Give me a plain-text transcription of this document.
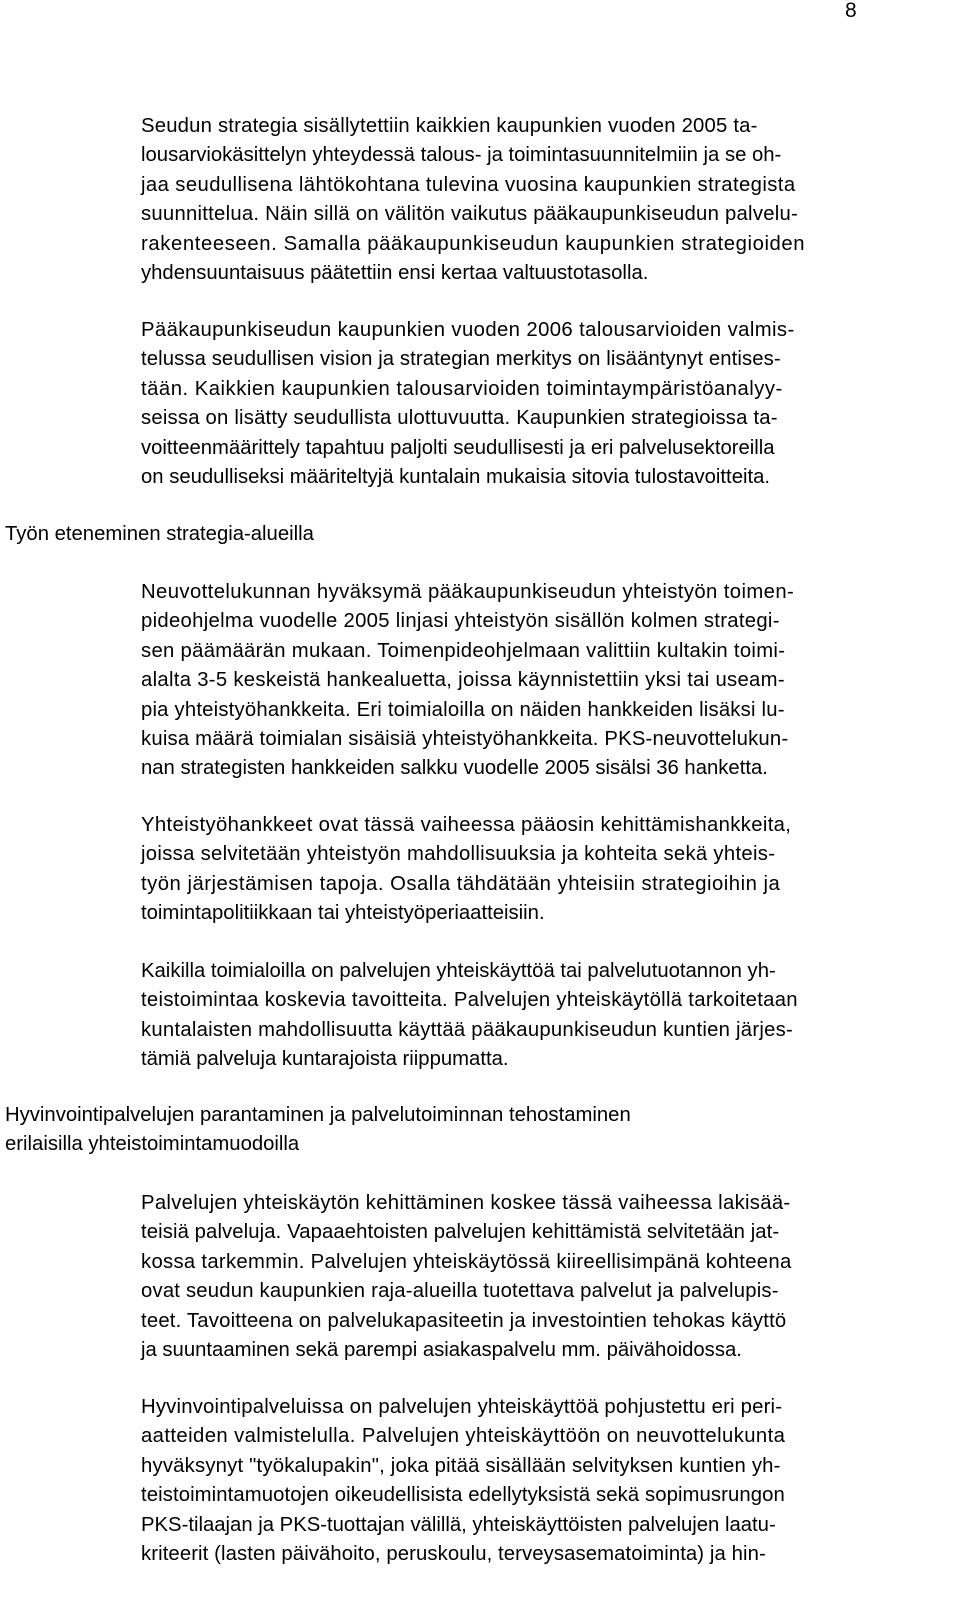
8
Seudun strategia sisällytettiin kaikkien kaupunkien vuoden 2005 ta-
lousarviokäsittelyn yhteydessä talous- ja toimintasuunnitelmiin ja se oh-
jaa seudullisena lähtökohtana tulevina vuosina kaupunkien strategista
suunnittelua. Näin sillä on välitön vaikutus pääkaupunkiseudun palvelu-
rakenteeseen. Samalla pääkaupunkiseudun kaupunkien strategioiden
yhdensuuntaisuus päätettiin ensi kertaa valtuustotasolla.
Pääkaupunkiseudun kaupunkien vuoden 2006 talousarvioiden valmis-
telussa seudullisen vision ja strategian merkitys on lisääntynyt entises-
tään. Kaikkien kaupunkien talousarvioiden toimintaympäristöanalyy-
seissa on lisätty seudullista ulottuvuutta. Kaupunkien strategioissa ta-
voitteenmäärittely tapahtuu paljolti seudullisesti ja eri palvelusektoreilla
on seudulliseksi määriteltyjä kuntalain mukaisia sitovia tulostavoitteita.
Työn eteneminen strategia-alueilla
Neuvottelukunnan hyväksymä pääkaupunkiseudun yhteistyön toimen-
pideohjelma vuodelle 2005 linjasi yhteistyön sisällön kolmen strategi-
sen päämäärän mukaan. Toimenpideohjelmaan valittiin kultakin toimi-
alalta 3-5 keskeistä hankealuetta, joissa käynnistettiin yksi tai useam-
pia yhteistyöhankkeita. Eri toimialoilla on näiden hankkeiden lisäksi lu-
kuisa määrä toimialan sisäisiä yhteistyöhankkeita. PKS-neuvottelukun-
nan strategisten hankkeiden salkku vuodelle 2005 sisälsi 36 hanketta.
Yhteistyöhankkeet ovat tässä vaiheessa pääosin kehittämishankkeita,
joissa selvitetään yhteistyön mahdollisuuksia ja kohteita sekä yhteis-
työn järjestämisen tapoja. Osalla tähdätään yhteisiin strategioihin ja
toimintapolitiikkaan tai yhteistyöperiaatteisiin.
Kaikilla toimialoilla on palvelujen yhteiskäyttöä tai palvelutuotannon yh-
teistoimintaa koskevia tavoitteita. Palvelujen yhteiskäytöllä tarkoitetaan
kuntalaisten mahdollisuutta käyttää pääkaupunkiseudun kuntien järjes-
tämiä palveluja kuntarajoista riippumatta.
Hyvinvointipalvelujen parantaminen ja palvelutoiminnan tehostaminen
erilaisilla yhteistoimintamuodoilla
Palvelujen yhteiskäytön kehittäminen koskee tässä vaiheessa lakisää-
teisiä palveluja. Vapaaehtoisten palvelujen kehittämistä selvitetään jat-
kossa tarkemmin. Palvelujen yhteiskäytössä kiireellisimpänä kohteena
ovat seudun kaupunkien raja-alueilla tuotettava palvelut ja palvelupis-
teet. Tavoitteena on palvelukapasiteetin ja investointien tehokas käyttö
ja suuntaaminen sekä parempi asiakaspalvelu mm. päivähoidossa.
Hyvinvointipalveluissa on palvelujen yhteiskäyttöä pohjustettu eri peri-
aatteiden valmistelulla. Palvelujen yhteiskäyttöön on neuvottelukunta
hyväksynyt "työkalupakin", joka pitää sisällään selvityksen kuntien yh-
teistoimintamuotojen oikeudellisista edellytyksistä sekä sopimusrungon
PKS-tilaajan ja PKS-tuottajan välillä, yhteiskäyttöisten palvelujen laatu-
kriteerit (lasten päivähoito, peruskoulu, terveysasematoiminta) ja hin-
